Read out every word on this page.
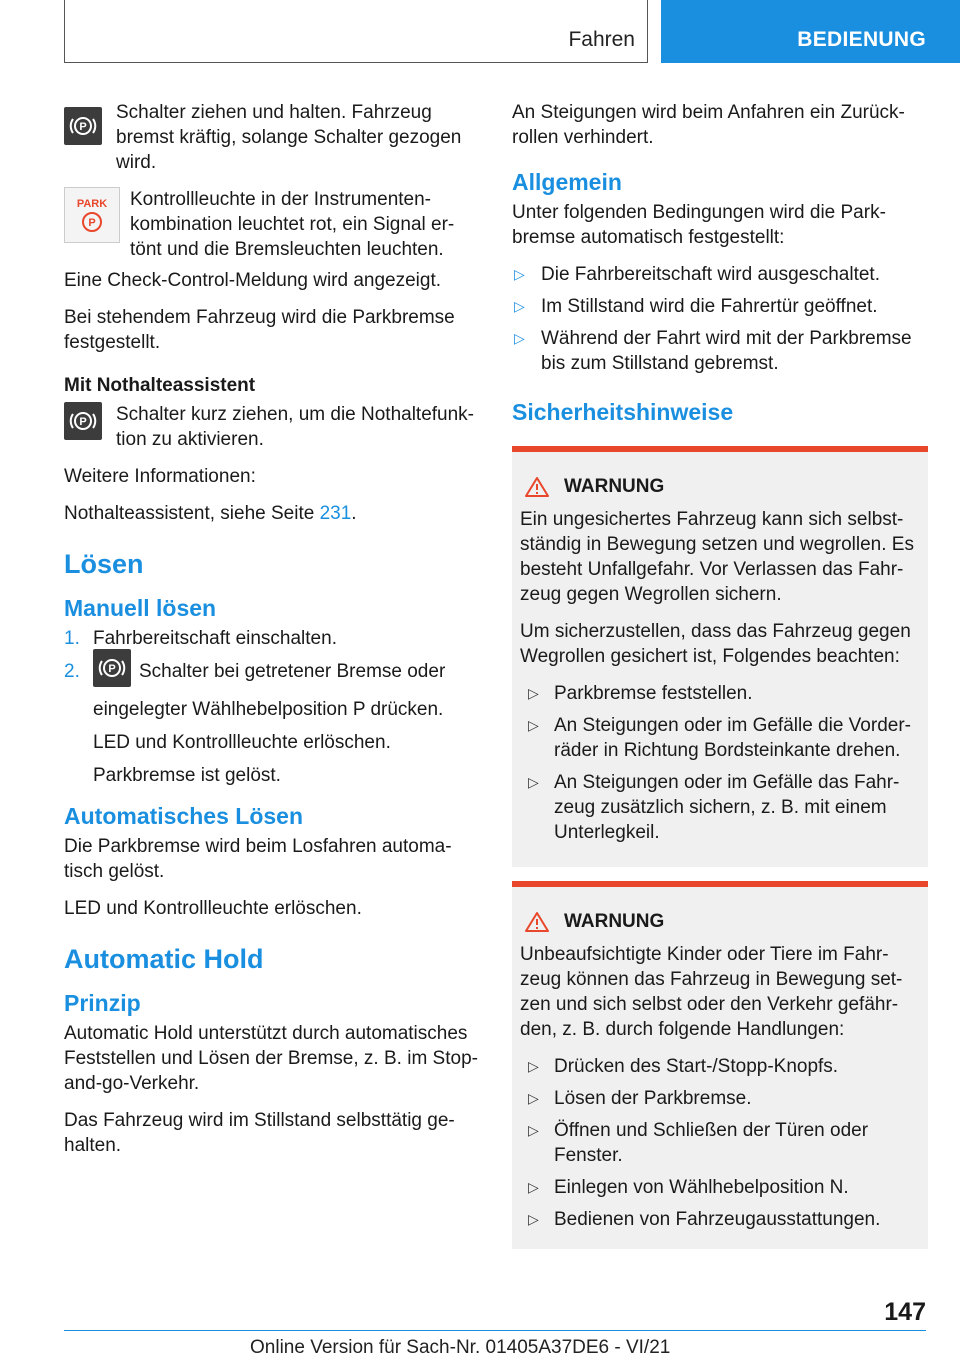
Fahren	BEDIENUNG

P
Schalter ziehen und halten. Fahrzeug bremst kräftig, solange Schalter gezogen wird.

PARK
P
Kontrollleuchte in der Instrumenten-kombination leuchtet rot, ein Signal er-tönt und die Bremsleuchten leuchten.

Eine Check-Control-Meldung wird angezeigt.

Bei stehendem Fahrzeug wird die Parkbremse festgestellt.

Mit Nothalteassistent

P Schalter kurz ziehen, um die Nothaltefunk-tion zu aktivieren.

Weitere Informationen:

Nothalteassistent, siehe Seite 231.

Lösen
Manuell lösen
1. Fahrbereitschaft einschalten.
2.	P Schalter bei getretener Bremse oder eingelegter Wählhebelposition P drücken.
LED und Kontrollleuchte erlöschen.
Parkbremse ist gelöst.
Automatisches Lösen

Die Parkbremse wird beim Losfahren automa-tisch gelöst.

LED und Kontrollleuchte erlöschen.

Automatic Hold
Prinzip

Automatic Hold unterstützt durch automatisches Feststellen und Lösen der Bremse, z. B. im Stop-and-go-Verkehr.

Das Fahrzeug wird im Stillstand selbsttätig ge-halten.

An Steigungen wird beim Anfahren ein Zurück-rollen verhindert.

Allgemein

Unter folgenden Bedingungen wird die Park-bremse automatisch festgestellt:

▷ Die Fahrbereitschaft wird ausgeschaltet.
▷ Im Stillstand wird die Fahrertür geöffnet.
▷ Während der Fahrt wird mit der Parkbremse bis zum Stillstand gebremst.
Sicherheitshinweise
WARNUNG

Ein ungesichertes Fahrzeug kann sich selbst-ständig in Bewegung setzen und wegrollen. Es besteht Unfallgefahr. Vor Verlassen das Fahr-zeug gegen Wegrollen sichern.

Um sicherzustellen, dass das Fahrzeug gegen Wegrollen gesichert ist, Folgendes beachten:

▷ Parkbremse feststellen.
▷ An Steigungen oder im Gefälle die Vorder-räder in Richtung Bordsteinkante drehen.
▷ An Steigungen oder im Gefälle das Fahr-zeug zusätzlich sichern, z. B. mit einem Unterlegkeil.
WARNUNG

Unbeaufsichtigte Kinder oder Tiere im Fahr-zeug können das Fahrzeug in Bewegung set-zen und sich selbst oder den Verkehr gefähr-den, z. B. durch folgende Handlungen:

▷ Drücken des Start-/Stopp-Knopfs.
▷ Lösen der Parkbremse.
▷ Öffnen und Schließen der Türen oder Fenster.
▷ Einlegen von Wählhebelposition N.
▷ Bedienen von Fahrzeugausstattungen.
147
Online Version für Sach-Nr. 01405A37DE6 - VI/21
